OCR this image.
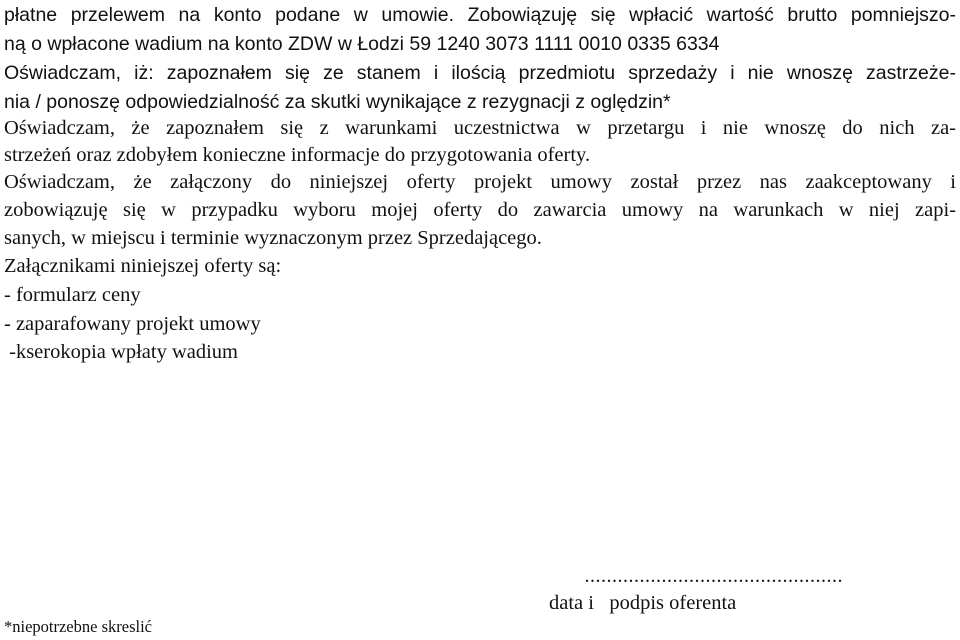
płatne przelewem na konto podane w umowie. Zobowiązuję się wpłacić wartość brutto pomniejszo-
ną o wpłacone wadium na konto ZDW w Łodzi 59 1240 3073 1111 0010 0335 6334
Oświadczam, iż: zapoznałem się ze stanem i ilością przedmiotu sprzedaży i nie wnoszę zastrzeże-
nia / ponoszę odpowiedzialność za skutki wynikające z rezygnacji z oględzin*
Oświadczam, że zapoznałem się z warunkami uczestnictwa w przetargu i nie wnoszę do nich za-
strzeżeń oraz zdobyłem konieczne informacje do przygotowania oferty.
Oświadczam, że załączony do niniejszej oferty projekt umowy został przez nas zaakceptowany i
zobowiązuję się w przypadku wyboru mojej oferty do zawarcia umowy na warunkach w niej zapi-
sanych, w miejscu i terminie wyznaczonym przez Sprzedającego.
Załącznikami niniejszej oferty są:
- formularz ceny
- zaparafowany projekt umowy
-kserokopia wpłaty wadium
...............................................
data i   podpis oferenta
*niepotrzebne skreslić
